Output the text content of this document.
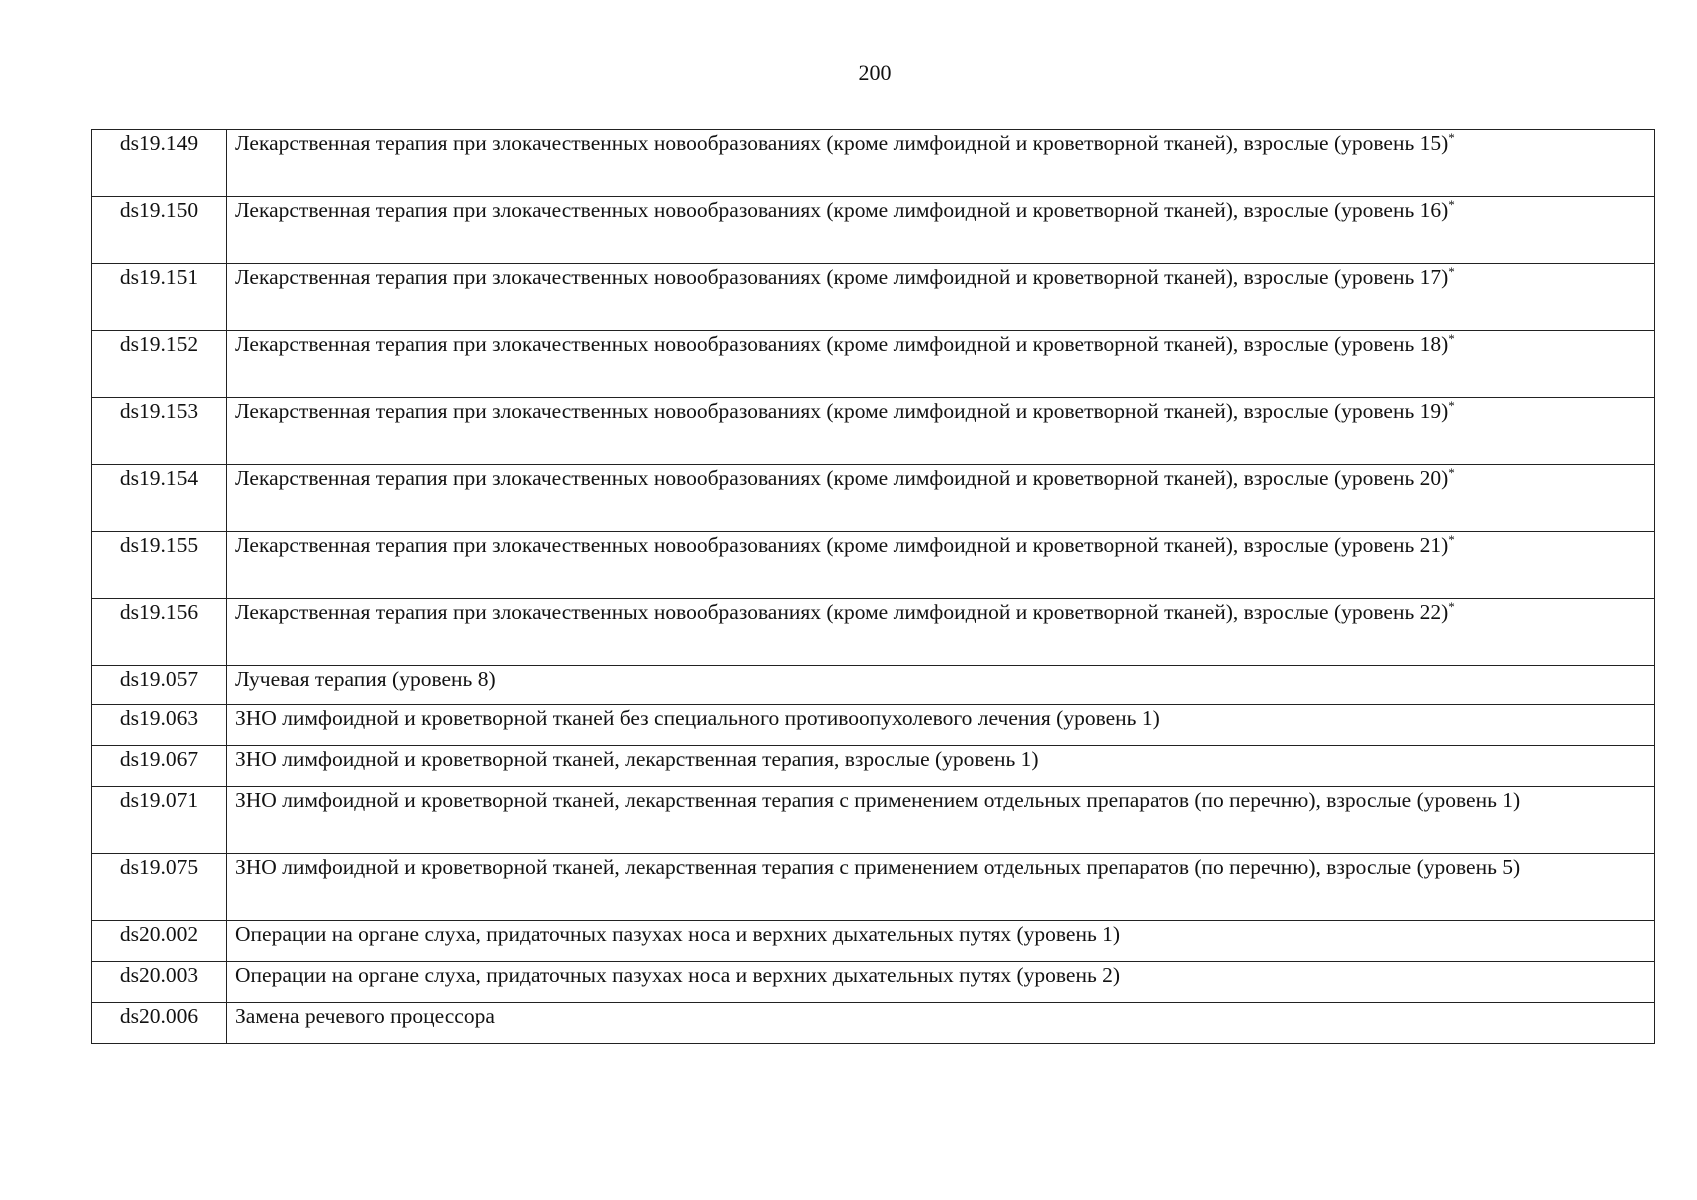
200
ds19.149	Лекарственная терапия при злокачественных новообразованиях (кроме лимфоидной и кроветворной тканей), взрослые (уровень 15)*
ds19.150	Лекарственная терапия при злокачественных новообразованиях (кроме лимфоидной и кроветворной тканей), взрослые (уровень 16)*
ds19.151	Лекарственная терапия при злокачественных новообразованиях (кроме лимфоидной и кроветворной тканей), взрослые (уровень 17)*
ds19.152	Лекарственная терапия при злокачественных новообразованиях (кроме лимфоидной и кроветворной тканей), взрослые (уровень 18)*
ds19.153	Лекарственная терапия при злокачественных новообразованиях (кроме лимфоидной и кроветворной тканей), взрослые (уровень 19)*
ds19.154	Лекарственная терапия при злокачественных новообразованиях (кроме лимфоидной и кроветворной тканей), взрослые (уровень 20)*
ds19.155	Лекарственная терапия при злокачественных новообразованиях (кроме лимфоидной и кроветворной тканей), взрослые (уровень 21)*
ds19.156	Лекарственная терапия при злокачественных новообразованиях (кроме лимфоидной и кроветворной тканей), взрослые (уровень 22)*
ds19.057	Лучевая терапия (уровень 8)
ds19.063	ЗНО лимфоидной и кроветворной тканей без специального противоопухолевого лечения (уровень 1)
ds19.067	ЗНО лимфоидной и кроветворной тканей, лекарственная терапия, взрослые (уровень 1)
ds19.071	ЗНО лимфоидной и кроветворной тканей, лекарственная терапия с применением отдельных препаратов (по перечню), взрослые (уровень 1)
ds19.075	ЗНО лимфоидной и кроветворной тканей, лекарственная терапия с применением отдельных препаратов (по перечню), взрослые (уровень 5)
ds20.002	Операции на органе слуха, придаточных пазухах носа и верхних дыхательных путях (уровень 1)
ds20.003	Операции на органе слуха, придаточных пазухах носа и верхних дыхательных путях (уровень 2)
ds20.006	Замена речевого процессора
